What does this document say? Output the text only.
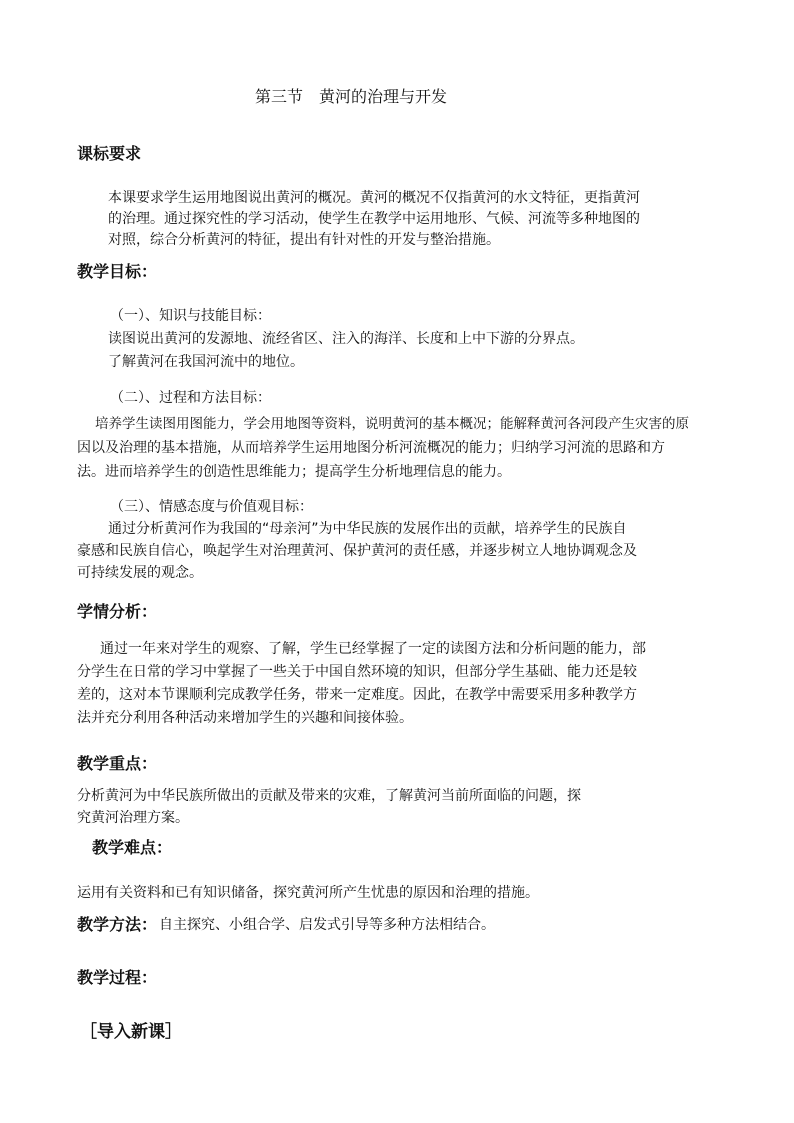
第三节　黄河的治理与开发
课标要求
本课要求学生运用地图说出黄河的概况。黄河的概况不仅指黄河的水文特征，更指黄河
的治理。通过探究性的学习活动，使学生在教学中运用地形、气候、河流等多种地图的
对照，综合分析黄河的特征，提出有针对性的开发与整治措施。
教学目标：
（一）、知识与技能目标：
读图说出黄河的发源地、流经省区、注入的海洋、长度和上中下游的分界点。
了解黄河在我国河流中的地位。
（二）、过程和方法目标：
培养学生读图用图能力，学会用地图等资料，说明黄河的基本概况；能解释黄河各河段产生灾害的原
因以及治理的基本措施，从而培养学生运用地图分析河流概况的能力；归纳学习河流的思路和方
法。进而培养学生的创造性思维能力；提高学生分析地理信息的能力。
（三）、情感态度与价值观目标：
通过分析黄河作为我国的“母亲河”为中华民族的发展作出的贡献，培养学生的民族自
豪感和民族自信心，唤起学生对治理黄河、保护黄河的责任感，并逐步树立人地协调观念及
可持续发展的观念。
学情分析：
通过一年来对学生的观察、了解，学生已经掌握了一定的读图方法和分析问题的能力，部
分学生在日常的学习中掌握了一些关于中国自然环境的知识，但部分学生基础、能力还是较
差的，这对本节课顺利完成教学任务，带来一定难度。因此，在教学中需要采用多种教学方
法并充分利用各种活动来增加学生的兴趣和间接体验。
教学重点：
分析黄河为中华民族所做出的贡献及带来的灾难，了解黄河当前所面临的问题，探
究黄河治理方案。
教学难点：
运用有关资料和已有知识储备，探究黄河所产生忧患的原因和治理的措施。
教学方法： 自主探究、小组合学、启发式引导等多种方法相结合。
教学过程：
［导入新课］
